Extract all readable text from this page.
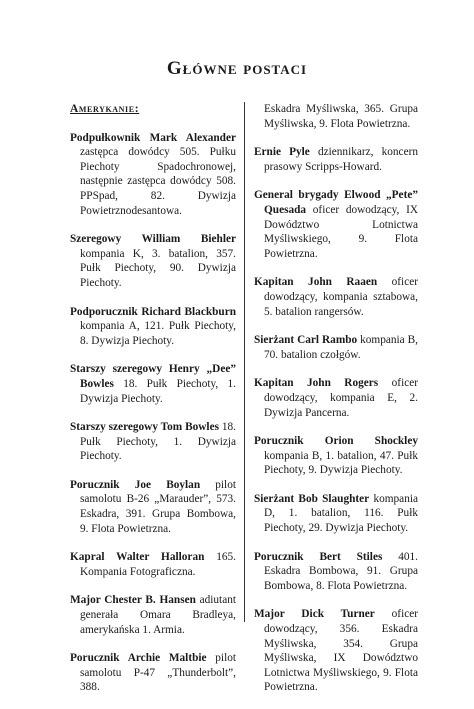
Główne postaci
Amerykanie:
Podpułkownik Mark Alexander zastępca dowódcy 505. Pułku Piechoty Spadochronowej, następnie zastępca dowódcy 508. PPSpad, 82. Dywizja Powietrznodesantowa.
Szeregowy William Biehler kompania K, 3. batalion, 357. Pułk Piechoty, 90. Dywizja Piechoty.
Podporucznik Richard Blackburn kompania A, 121. Pułk Piechoty, 8. Dywizja Piechoty.
Starszy szeregowy Henry „Dee” Bowles 18. Pułk Piechoty, 1. Dywizja Piechoty.
Starszy szeregowy Tom Bowles 18. Pułk Piechoty, 1. Dywizja Piechoty.
Porucznik Joe Boylan pilot samolotu B-26 „Marauder”, 573. Eskadra, 391. Grupa Bombowa, 9. Flota Powietrzna.
Kapral Walter Halloran 165. Kompania Fotograficzna.
Major Chester B. Hansen adiutant generała Omara Bradleya, amerykańska 1. Armia.
Porucznik Archie Maltbie pilot samolotu P-47 „Thunderbolt”, 388.
Eskadra Myśliwska, 365. Grupa Myśliwska, 9. Flota Powietrzna.
Ernie Pyle dziennikarz, koncern prasowy Scripps-Howard.
General brygady Elwood „Pete” Quesada oficer dowodzący, IX Dowództwo Lotnictwa Myśliwskiego, 9. Flota Powietrzna.
Kapitan John Raaen oficer dowodzący, kompania sztabowa, 5. batalion rangersów.
Sierżant Carl Rambo kompania B, 70. batalion czołgów.
Kapitan John Rogers oficer dowodzący, kompania E, 2. Dywizja Pancerna.
Porucznik Orion Shockley kompania B, 1. batalion, 47. Pułk Piechoty, 9. Dywizja Piechoty.
Sierżant Bob Slaughter kompania D, 1. batalion, 116. Pułk Piechoty, 29. Dywizja Piechoty.
Porucznik Bert Stiles 401. Eskadra Bombowa, 91. Grupa Bombowa, 8. Flota Powietrzna.
Major Dick Turner oficer dowodzący, 356. Eskadra Myśliwska, 354. Grupa Myśliwska, IX Dowództwo Lotnictwa Myśliwskiego, 9. Flota Powietrzna.
